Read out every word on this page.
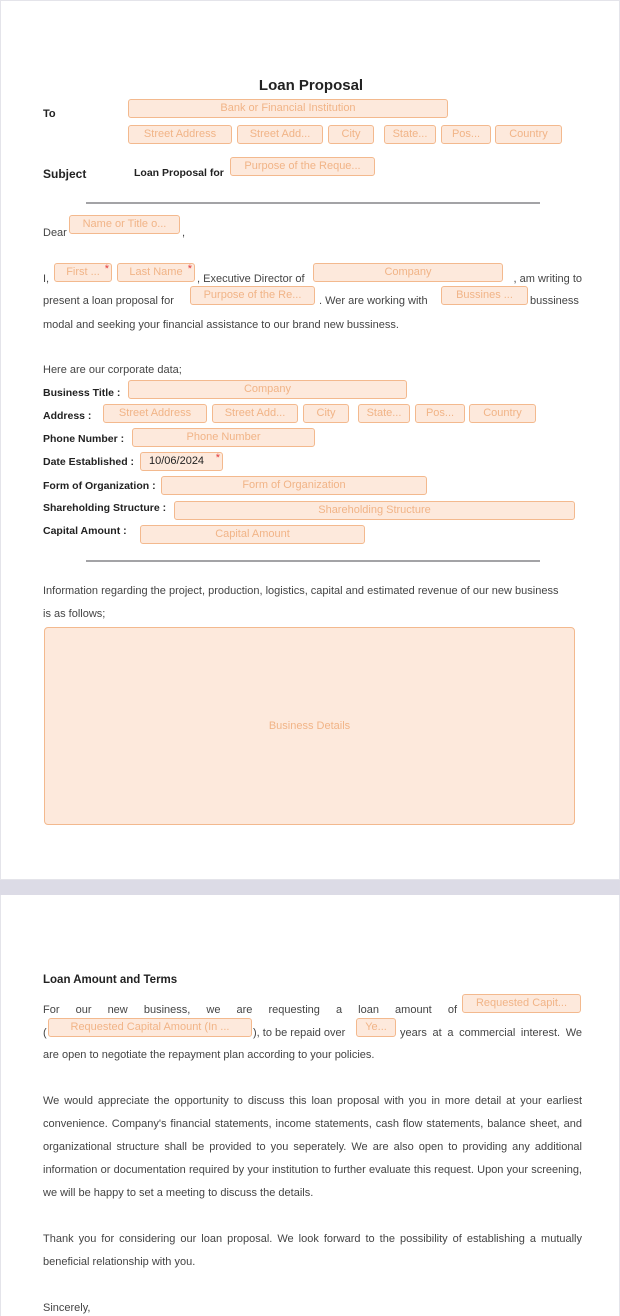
Loan Proposal
To	Bank or Financial Institution
Street Address	Street Add...	City	State...	Pos...	Country
Subject	Loan Proposal for
Purpose of the Reque...
Dear
Name or Title o...
,
I,
First ... *	Last Name *
, Executive Director of
Company
, am writing to
present a loan proposal for	Purpose of the Re...	. Wer are working with	Bussines ...	bussiness
modal and seeking your financial assistance to our brand new bussiness.
Here are our corporate data;
Business Title :	Company
Address :	Street Address	Street Add...	City	State...	Pos...	Country
Phone Number :	Phone Number
Date Established :	10/06/2024 *
Form of Organization :	Form of Organization
Shareholding Structure :	Shareholding Structure
Capital Amount :	Capital Amount
Information regarding the project, production, logistics, capital and estimated revenue of our new business
is as follows;
Business Details
Loan Amount and Terms
For our new business, we are requesting a loan amount of
Requested Capit...
(	Requested Capital Amount (In ...	), to be repaid over	Ye...	years at a commercial interest. We
are open to negotiate the repayment plan according to your policies.
We would appreciate the opportunity to discuss this loan proposal with you in more detail at your earliest convenience. Company's financial statements, income statements, cash flow statements, balance sheet, and organizational structure shall be provided to you seperately. We are also open to providing any additional information or documentation required by your institution to further evaluate this request. Upon your screening, we will be happy to set a meeting to discuss the details.
Thank you for considering our loan proposal. We look forward to the possibility of establishing a mutually beneficial relationship with you.
Sincerely,
